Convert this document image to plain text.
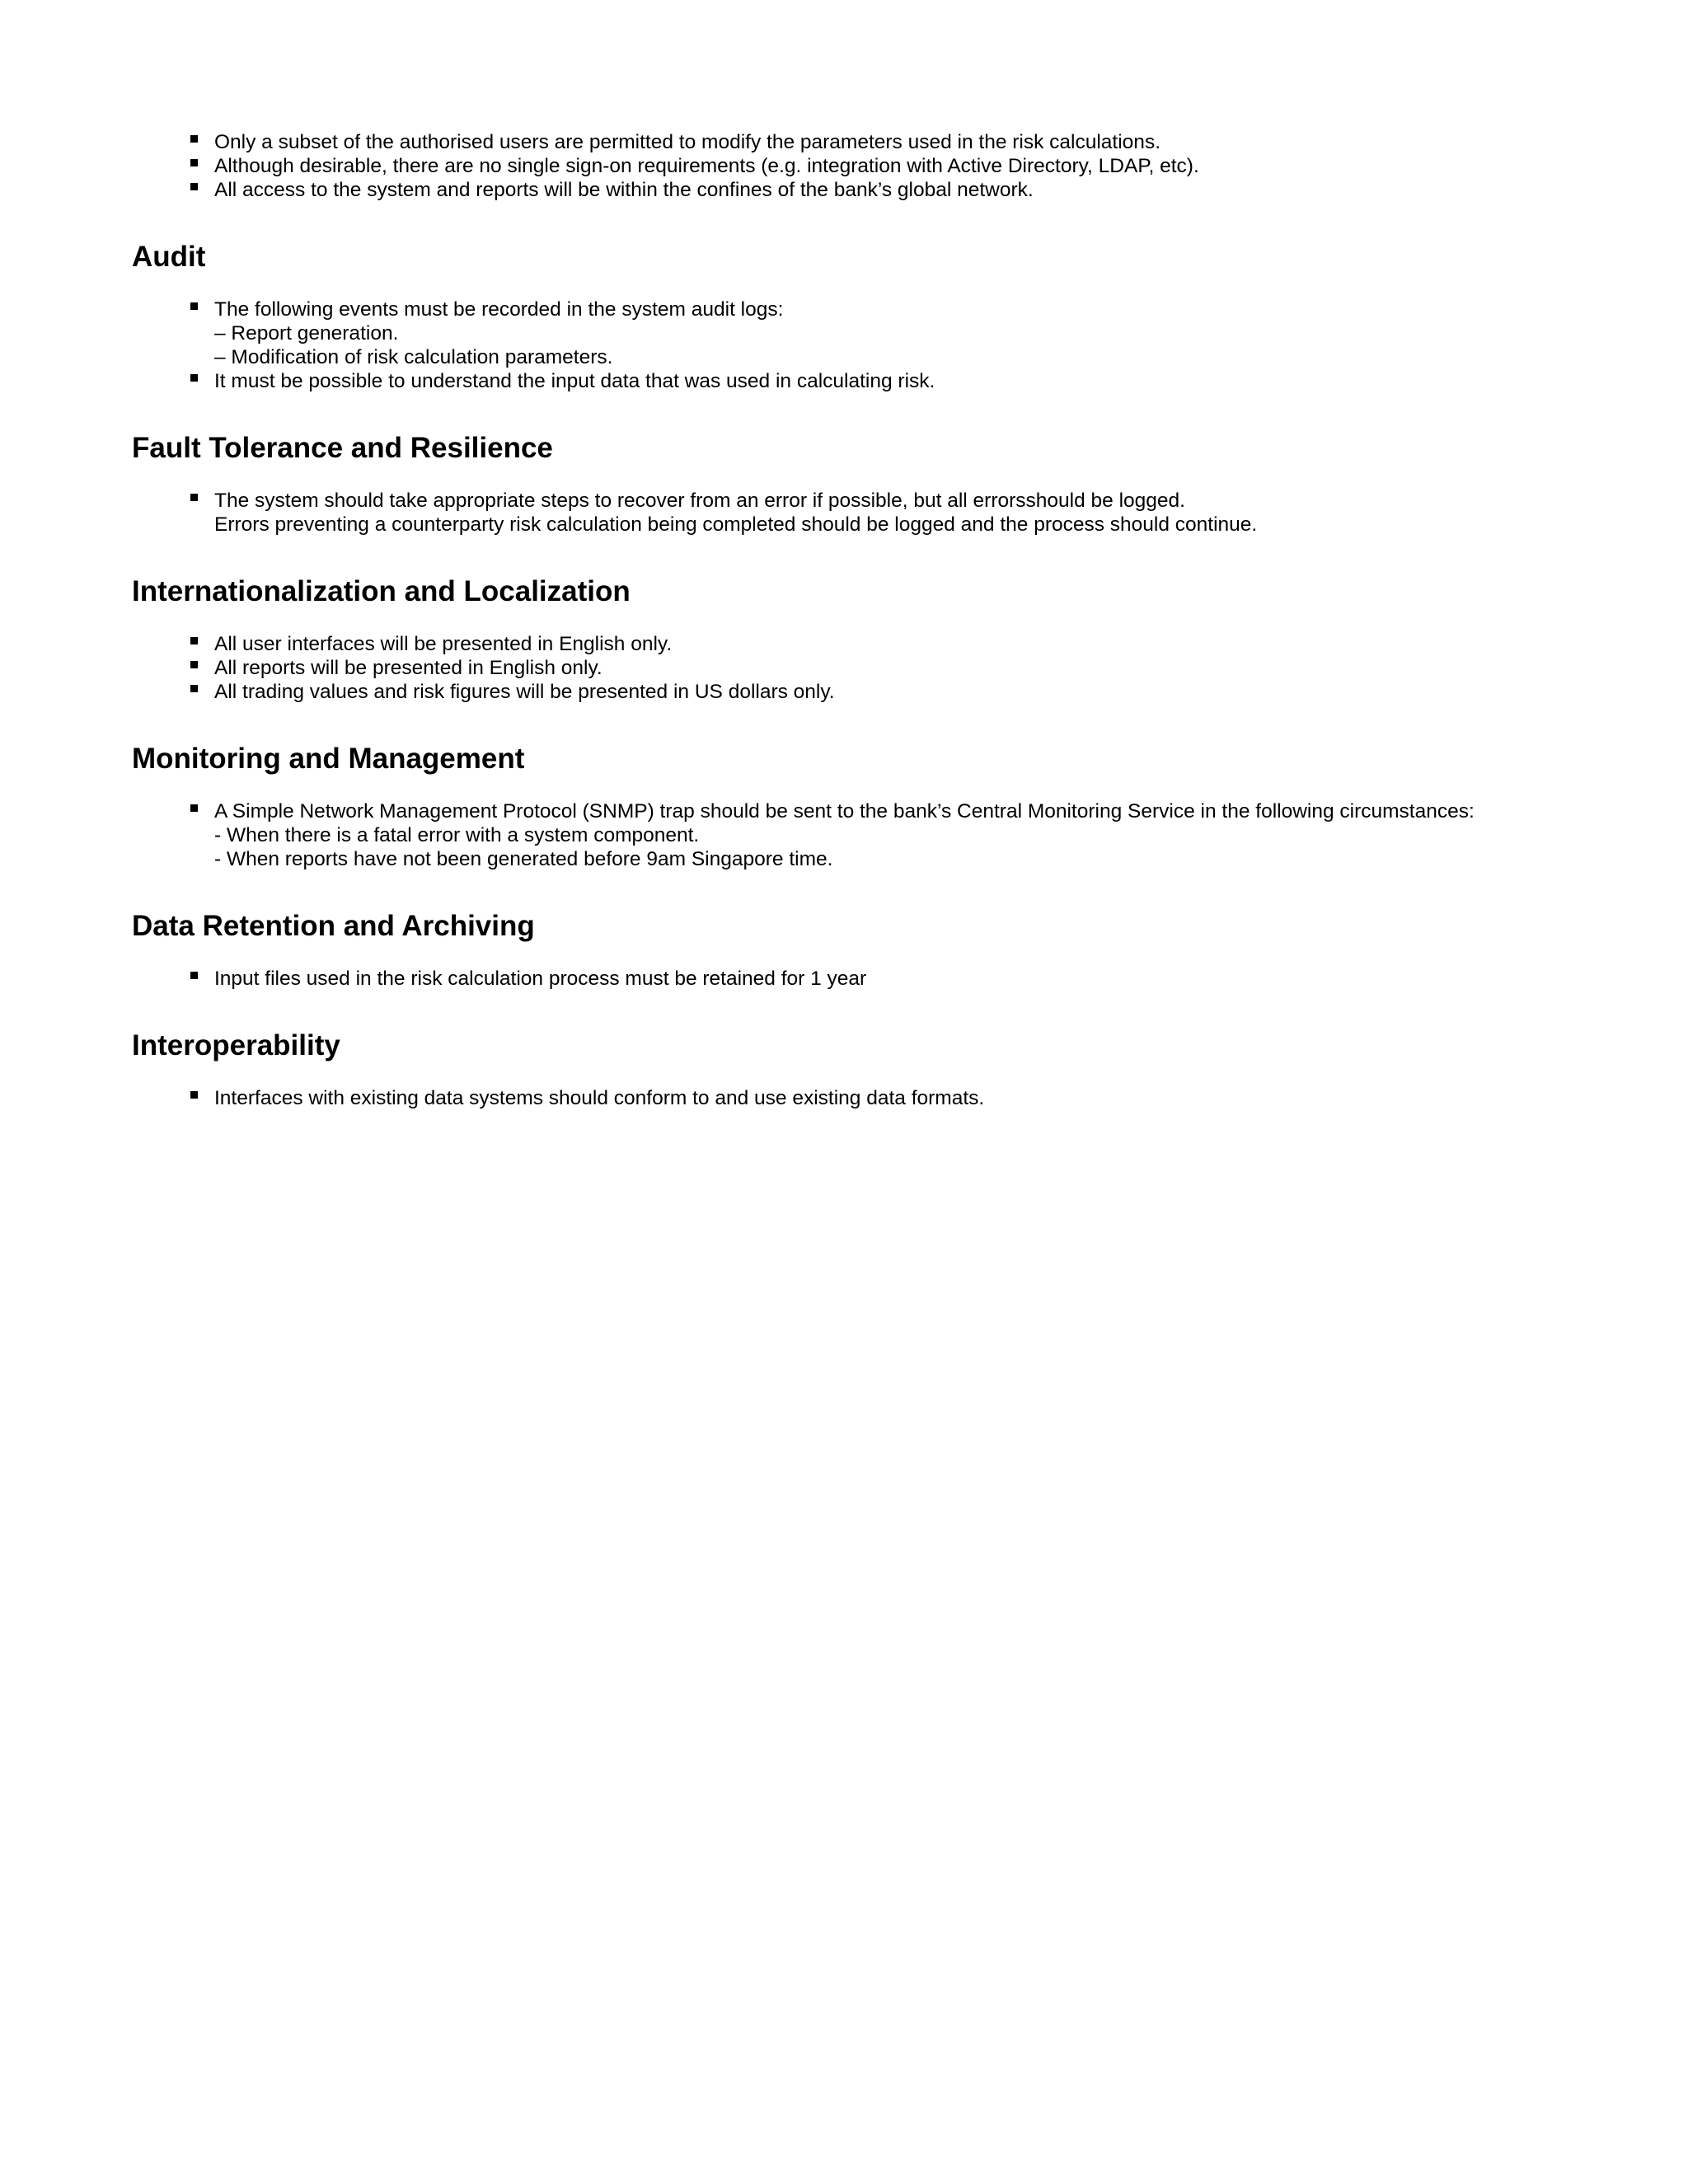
Only a subset of the authorised users are permitted to modify the parameters used in the risk calculations.
Although desirable, there are no single sign-on requirements (e.g. integration with Active Directory, LDAP, etc).
All access to the system and reports will be within the confines of the bank’s global network.
Audit
The following events must be recorded in the system audit logs:
– Report generation.
– Modification of risk calculation parameters.
It must be possible to understand the input data that was used in calculating risk.
Fault Tolerance and Resilience
The system should take appropriate steps to recover from an error if possible, but all errorsshould be logged.
Errors preventing a counterparty risk calculation being completed should be logged and the process should continue.
Internationalization and Localization
All user interfaces will be presented in English only.
All reports will be presented in English only.
All trading values and risk figures will be presented in US dollars only.
Monitoring and Management
A Simple Network Management Protocol (SNMP) trap should be sent to the bank’s Central Monitoring Service in the following circumstances:
- When there is a fatal error with a system component.
- When reports have not been generated before 9am Singapore time.
Data Retention and Archiving
Input files used in the risk calculation process must be retained for 1 year
Interoperability
Interfaces with existing data systems should conform to and use existing data formats.
